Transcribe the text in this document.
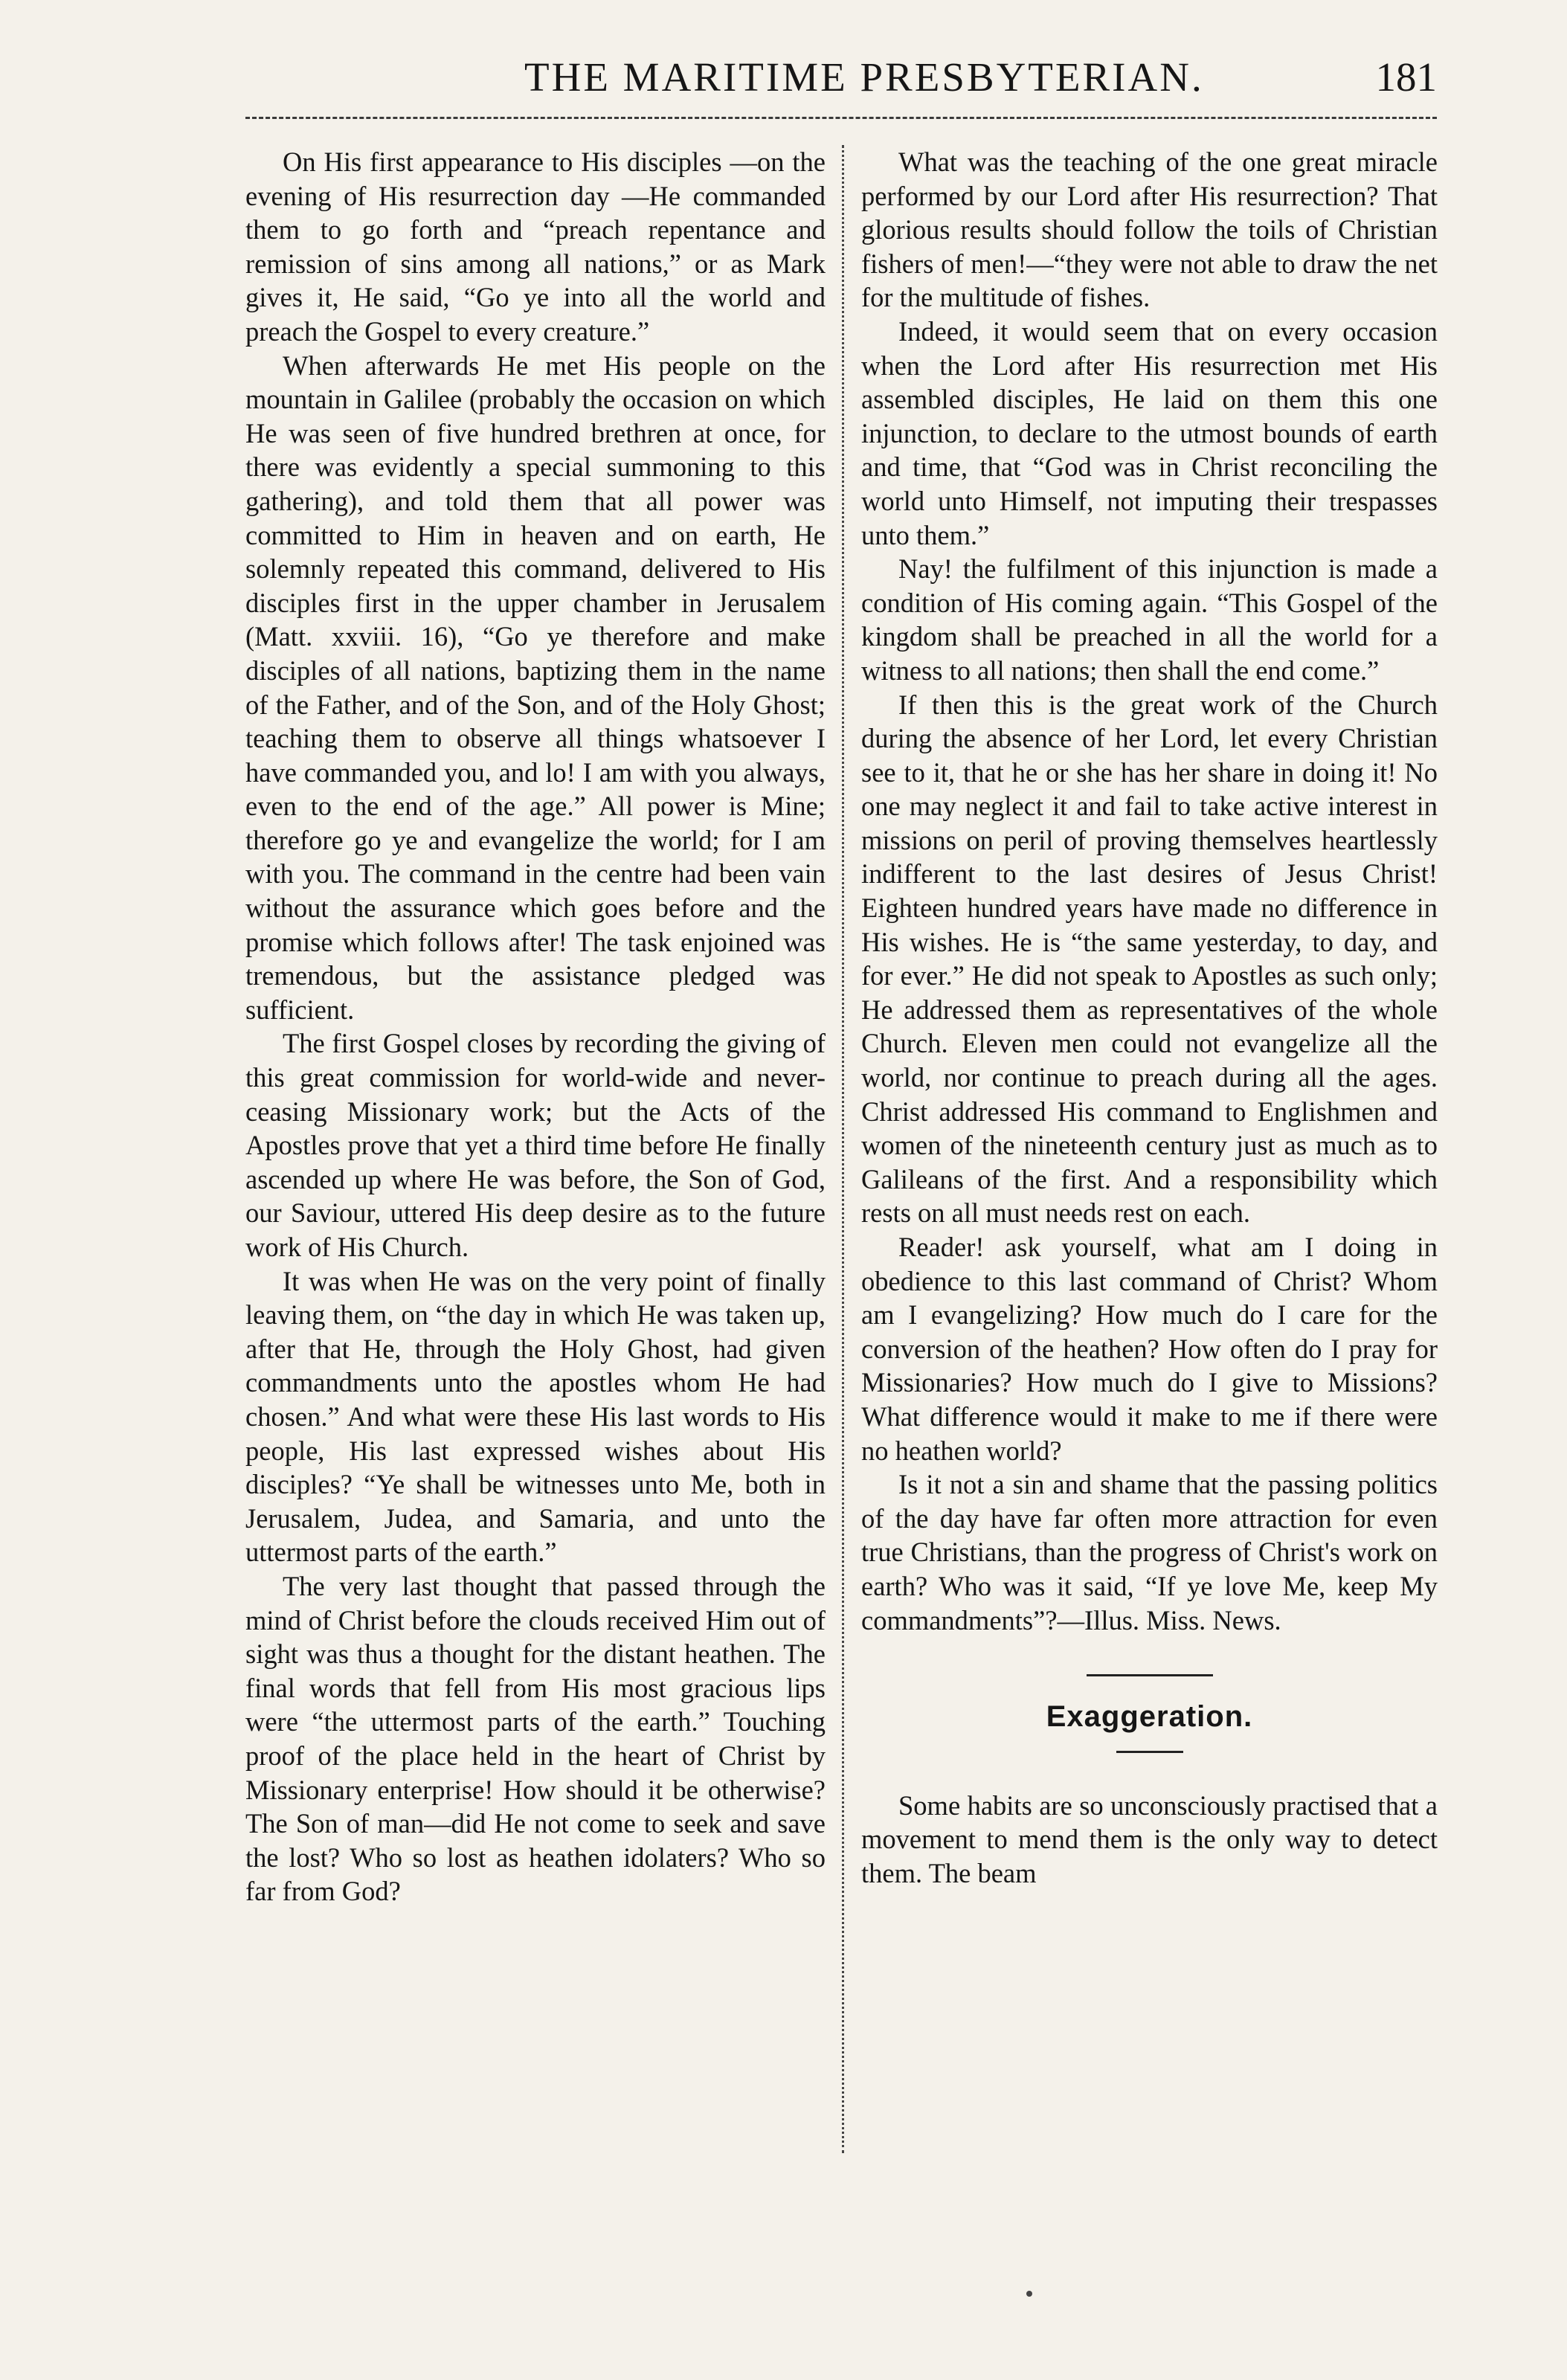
THE MARITIME PRESBYTERIAN.	181

On His first appearance to His disciples —on the evening of His resurrection day —He commanded them to go forth and “preach repentance and remission of sins among all nations,” or as Mark gives it, He said, “Go ye into all the world and preach the Gospel to every creature.”

When afterwards He met His people on the mountain in Galilee (probably the occasion on which He was seen of five hundred brethren at once, for there was evidently a special summoning to this gathering), and told them that all power was committed to Him in heaven and on earth, He solemnly repeated this command, delivered to His disciples first in the upper chamber in Jerusalem (Matt. xxviii. 16), “Go ye therefore and make disciples of all nations, baptizing them in the name of the Father, and of the Son, and of the Holy Ghost; teaching them to observe all things whatsoever I have commanded you, and lo! I am with you always, even to the end of the age.” All power is Mine; therefore go ye and evangelize the world; for I am with you. The command in the centre had been vain without the assurance which goes before and the promise which follows after! The task enjoined was tremendous, but the assistance pledged was sufficient.

The first Gospel closes by recording the giving of this great commission for world-wide and never-ceasing Missionary work; but the Acts of the Apostles prove that yet a third time before He finally ascended up where He was before, the Son of God, our Saviour, uttered His deep desire as to the future work of His Church.

It was when He was on the very point of finally leaving them, on “the day in which He was taken up, after that He, through the Holy Ghost, had given commandments unto the apostles whom He had chosen.” And what were these His last words to His people, His last expressed wishes about His disciples? “Ye shall be witnesses unto Me, both in Jerusalem, Judea, and Samaria, and unto the uttermost parts of the earth.”

The very last thought that passed through the mind of Christ before the clouds received Him out of sight was thus a thought for the distant heathen. The final words that fell from His most gracious lips were “the uttermost parts of the earth.” Touching proof of the place held in the heart of Christ by Missionary enterprise! How should it be otherwise? The Son of man—did He not come to seek and save the lost? Who so lost as heathen idolaters? Who so far from God?

What was the teaching of the one great miracle performed by our Lord after His resurrection? That glorious results should follow the toils of Christian fishers of men!—“they were not able to draw the net for the multitude of fishes.

Indeed, it would seem that on every occasion when the Lord after His resurrection met His assembled disciples, He laid on them this one injunction, to declare to the utmost bounds of earth and time, that “God was in Christ reconciling the world unto Himself, not imputing their trespasses unto them.”

Nay! the fulfilment of this injunction is made a condition of His coming again. “This Gospel of the kingdom shall be preached in all the world for a witness to all nations; then shall the end come.”

If then this is the great work of the Church during the absence of her Lord, let every Christian see to it, that he or she has her share in doing it! No one may neglect it and fail to take active interest in missions on peril of proving themselves heartlessly indifferent to the last desires of Jesus Christ! Eighteen hundred years have made no difference in His wishes. He is “the same yesterday, to day, and for ever.” He did not speak to Apostles as such only; He addressed them as representatives of the whole Church. Eleven men could not evangelize all the world, nor continue to preach during all the ages. Christ addressed His command to Englishmen and women of the nineteenth century just as much as to Galileans of the first. And a responsibility which rests on all must needs rest on each.

Reader! ask yourself, what am I doing in obedience to this last command of Christ? Whom am I evangelizing? How much do I care for the conversion of the heathen? How often do I pray for Missionaries? How much do I give to Missions? What difference would it make to me if there were no heathen world?

Is it not a sin and shame that the passing politics of the day have far often more attraction for even true Christians, than the progress of Christ's work on earth? Who was it said, “If ye love Me, keep My commandments”?—Illus. Miss. News.

Exaggeration.

Some habits are so unconsciously practised that a movement to mend them is the only way to detect them. The beam
